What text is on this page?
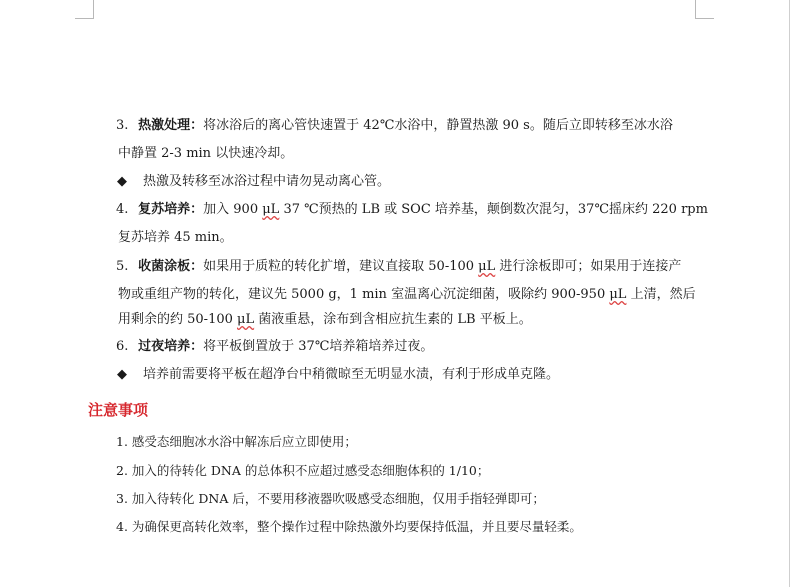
3. 热激处理：将冰浴后的离心管快速置于 42℃水浴中，静置热激 90 s。随后立即转移至冰水浴
中静置 2-3 min 以快速冷却。
◆ 热激及转移至冰浴过程中请勿晃动离心管。
4. 复苏培养：加入 900 μL 37 ℃预热的 LB 或 SOC 培养基，颠倒数次混匀，37℃摇床约 220 rpm
复苏培养 45 min。
5. 收菌涂板：如果用于质粒的转化扩增，建议直接取 50-100 μL 进行涂板即可；如果用于连接产
物或重组产物的转化，建议先 5000 g，1 min 室温离心沉淀细菌，吸除约 900-950 μL 上清，然后
用剩余的约 50-100 μL 菌液重悬，涂布到含相应抗生素的 LB 平板上。
6. 过夜培养：将平板倒置放于 37℃培养箱培养过夜。
◆ 培养前需要将平板在超净台中稍微晾至无明显水渍，有利于形成单克隆。
注意事项
1. 感受态细胞冰水浴中解冻后应立即使用；
2. 加入的待转化 DNA 的总体积不应超过感受态细胞体积的 1/10；
3. 加入待转化 DNA 后，不要用移液器吹吸感受态细胞，仅用手指轻弹即可；
4. 为确保更高转化效率，整个操作过程中除热激外均要保持低温，并且要尽量轻柔。
